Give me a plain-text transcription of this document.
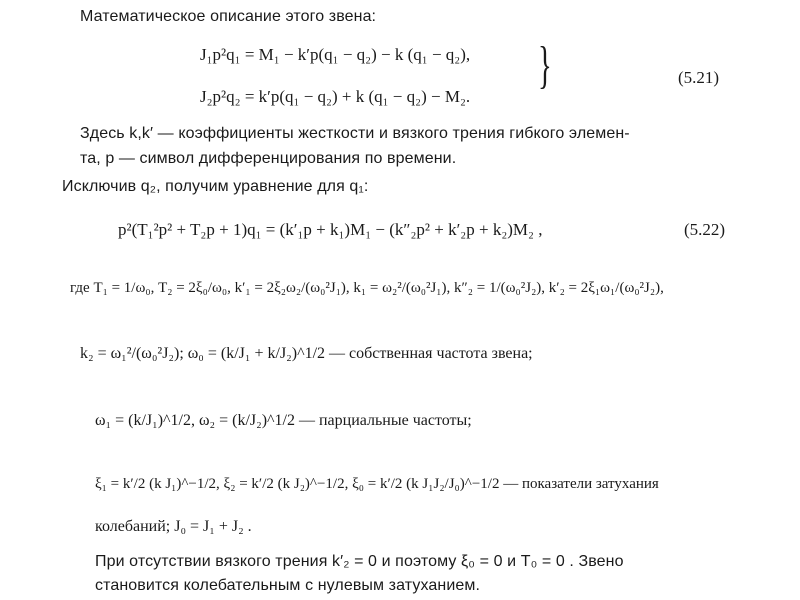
Математическое описание этого звена:
J₁p²q₁ = M₁ − k′p(q₁ − q₂) − k (q₁ − q₂),
J₂p²q₂ = k′p(q₁ − q₂) + k (q₁ − q₂) − M₂.
}	(5.21)
Здесь k,k′ — коэффициенты жесткости и вязкого трения гибкого элемен-
та, p — символ дифференцирования по времени.
Исключив q₂, получим уравнение для q₁:
p²(T₁²p² + T₂p + 1)q₁ = (k′₁p + k₁)M₁ − (k″₂p² + k′₂p + k₂)M₂ ,	(5.22)
где T₁ = 1/ω₀, T₂ = 2ξ₀/ω₀, k′₁ = 2ξ₂ω₂/(ω₀²J₁), k₁ = ω₂²/(ω₀²J₁), k″₂ = 1/(ω₀²J₂), k′₂ = 2ξ₁ω₁/(ω₀²J₂),
k₂ = ω₁²/(ω₀²J₂); ω₀ = (k/J₁ + k/J₂)^1/2 — собственная частота звена;
ω₁ = (k/J₁)^1/2, ω₂ = (k/J₂)^1/2 — парциальные частоты;
ξ₁ = k′/2 (k J₁)^−1/2, ξ₂ = k′/2 (k J₂)^−1/2, ξ₀ = k′/2 (k J₁J₂/J₀)^−1/2 — показатели затухания
колебаний; J₀ = J₁ + J₂ .
При отсутствии вязкого трения k′₂ = 0 и поэтому ξ₀ = 0 и T₀ = 0 . Звено
становится колебательным с нулевым затуханием.
